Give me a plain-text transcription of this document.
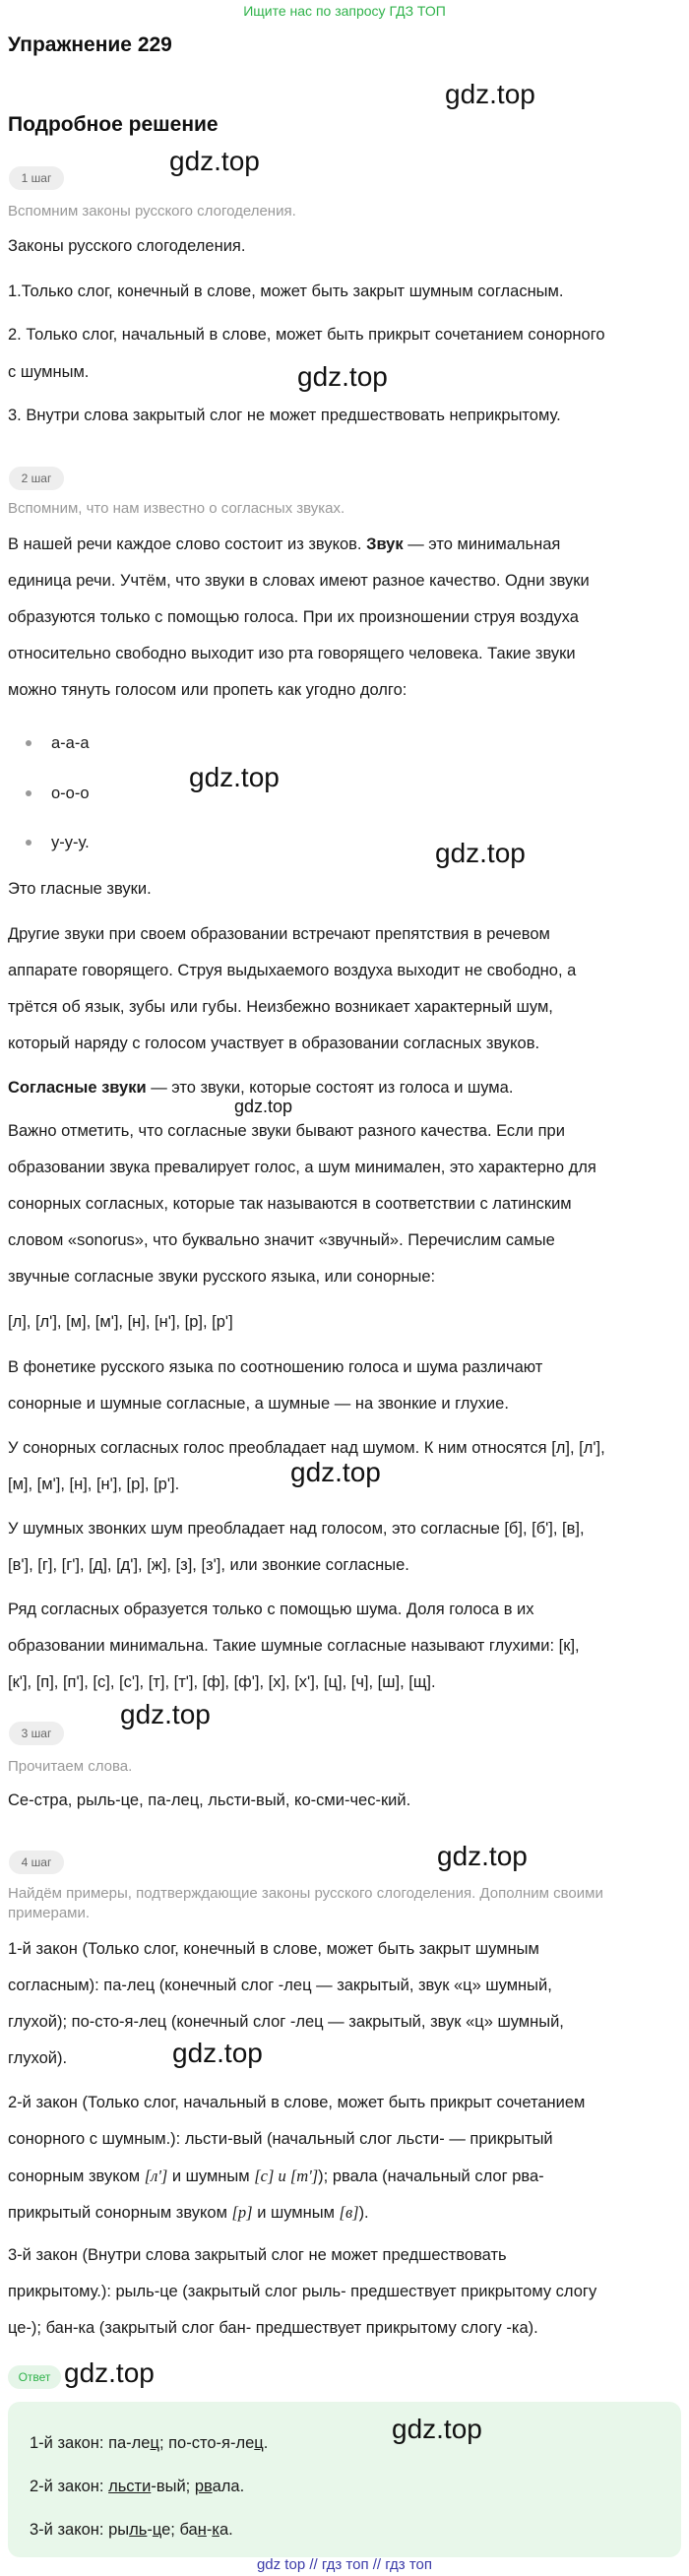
Ищите нас по запросу ГДЗ ТОП
Упражнение 229
gdz.top
Подробное решение
gdz.top
1 шаг
Вспомним законы русского слогоделения.
Законы русского слогоделения.
1.Только слог, конечный в слове, может быть закрыт шумным согласным.
2. Только слог, начальный в слове, может быть прикрыт сочетанием сонорного
gdz.top
с шумным.
3. Внутри слова закрытый слог не может предшествовать неприкрытому.
2 шаг
Вспомним, что нам известно о согласных звуках.
В нашей речи каждое слово состоит из звуков. Звук — это минимальная
единица речи. Учтём, что звуки в словах имеют разное качество. Одни звуки
образуются только с помощью голоса. При их произношении струя воздуха
относительно свободно выходит изо рта говорящего человека. Такие звуки
можно тянуть голосом или пропеть как угодно долго:
а-а-а
о-о-о
gdz.top
у-у-у.	gdz.top
Это гласные звуки.
Другие звуки при своем образовании встречают препятствия в речевом
аппарате говорящего. Струя выдыхаемого воздуха выходит не свободно, а
трётся об язык, зубы или губы. Неизбежно возникает характерный шум,
который наряду с голосом участвует в образовании согласных звуков.
Согласные звуки — это звуки, которые состоят из голоса и шума.
gdz.top
Важно отметить, что согласные звуки бывают разного качества. Если при
образовании звука превалирует голос, а шум минимален, это характерно для
сонорных согласных, которые так называются в соответствии с латинским
словом «sonorus», что буквально значит «звучный». Перечислим самые
звучные согласные звуки русского языка, или сонорные:
[л], [л'], [м], [м'], [н], [н'], [р], [р']
В фонетике русского языка по соотношению голоса и шума различают
сонорные и шумные согласные, а шумные — на звонкие и глухие.
У сонорных согласных голос преобладает над шумом. К ним относятся [л], [л'],
[м], [м'], [н], [н'], [р], [р'].	gdz.top
У шумных звонких шум преобладает над голосом, это согласные [б], [б'], [в],
[в'], [г], [г'], [д], [д'], [ж], [з], [з'], или звонкие согласные.
Ряд согласных образуется только с помощью шума. Доля голоса в их
образовании минимальна. Такие шумные согласные называют глухими: [к],
[к'], [п], [п'], [с], [с'], [т], [т'], [ф], [ф'], [х], [х'], [ц], [ч], [ш], [щ].
gdz.top
3 шаг
Прочитаем слова.
Се-стра, рыль-це, па-лец, льсти-вый, ко-сми-чес-кий.
gdz.top
4 шаг
Найдём примеры, подтверждающие законы русского слогоделения. Дополним своими
примерами.
1-й закон (Только слог, конечный в слове, может быть закрыт шумным
согласным): па-лец (конечный слог -лец — закрытый, звук «ц» шумный,
глухой); по-сто-я-лец (конечный слог -лец — закрытый, звук «ц» шумный,
глухой).	gdz.top
2-й закон (Только слог, начальный в слове, может быть прикрыт сочетанием
сонорного с шумным.): льсти-вый (начальный слог льсти- — прикрытый
сонорным звуком [л'] и шумным [с] и [т']); рвала (начальный слог рва-
прикрытый сонорным звуком [р] и шумным [в]).
3-й закон (Внутри слова закрытый слог не может предшествовать
прикрытому.): рыль-це (закрытый слог рыль- предшествует прикрытому слогу
це-); бан-ка (закрытый слог бан- предшествует прикрытому слогу -ка).
Ответ gdz.top
gdz.top
1-й закон: па-лец; по-сто-я-лец.
2-й закон: льсти-вый; рвала.
3-й закон: рыль-це; бан-ка.
gdz top // гдз топ // гдз топ
